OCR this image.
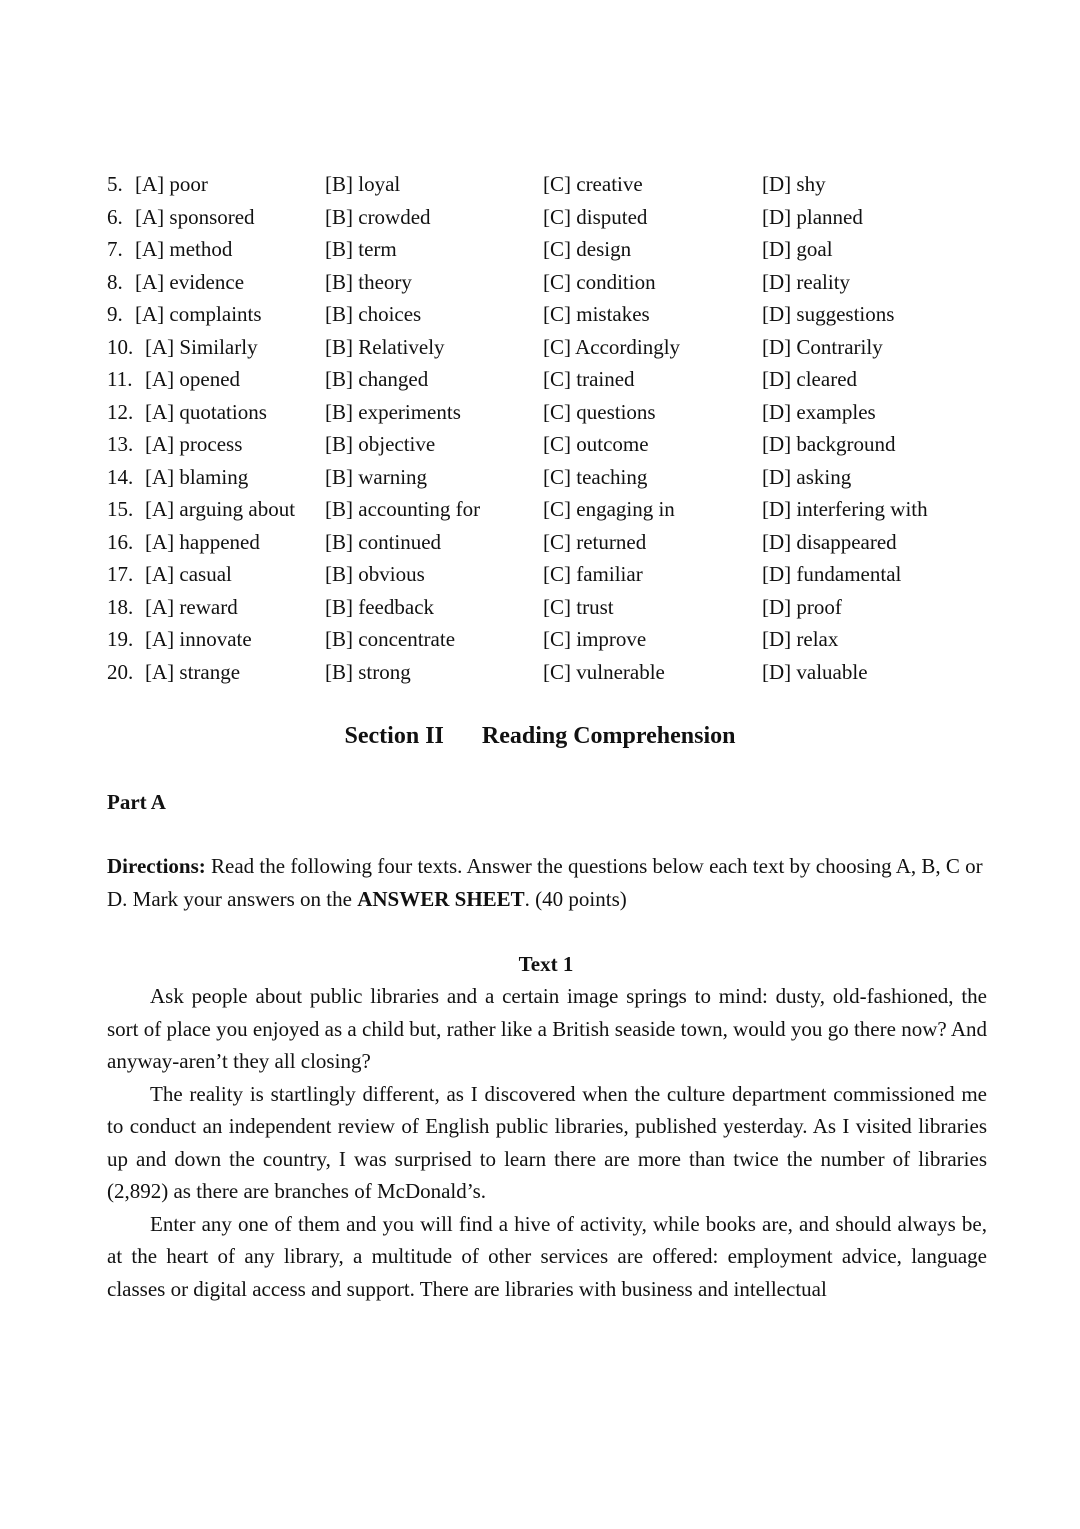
5. [A] poor	[B] loyal	[C] creative	[D] shy
6. [A] sponsored	[B] crowded	[C] disputed	[D] planned
7. [A] method	[B] term	[C] design	[D] goal
8. [A] evidence	[B] theory	[C] condition	[D] reality
9. [A] complaints	[B] choices	[C] mistakes	[D] suggestions
10. [A] Similarly	[B] Relatively	[C] Accordingly	[D] Contrarily
11. [A] opened	[B] changed	[C] trained	[D] cleared
12. [A] quotations	[B] experiments	[C] questions	[D] examples
13. [A] process	[B] objective	[C] outcome	[D] background
14. [A] blaming	[B] warning	[C] teaching	[D] asking
15. [A] arguing about [B] accounting for	[C] engaging in	[D] interfering with
16. [A] happened	[B] continued	[C] returned	[D] disappeared
17. [A] casual	[B] obvious	[C] familiar	[D] fundamental
18. [A] reward	[B] feedback	[C] trust	[D] proof
19. [A] innovate	[B] concentrate	[C] improve	[D] relax
20. [A] strange	[B] strong	[C] vulnerable	[D] valuable
Section II Reading Comprehension
Part A
Directions: Read the following four texts. Answer the questions below each text by choosing A, B, C or D. Mark your answers on the ANSWER SHEET. (40 points)
Text 1

Ask people about public libraries and a certain image springs to mind: dusty, old-fashioned, the sort of place you enjoyed as a child but, rather like a British seaside town, would you go there now? And anyway-aren’t they all closing?

The reality is startlingly different, as I discovered when the culture department commissioned me to conduct an independent review of English public libraries, published yesterday. As I visited libraries up and down the country, I was surprised to learn there are more than twice the number of libraries (2,892) as there are branches of McDonald’s.

Enter any one of them and you will find a hive of activity, while books are, and should always be, at the heart of any library, a multitude of other services are offered: employment advice, language classes or digital access and support. There are libraries with business and intellectual
